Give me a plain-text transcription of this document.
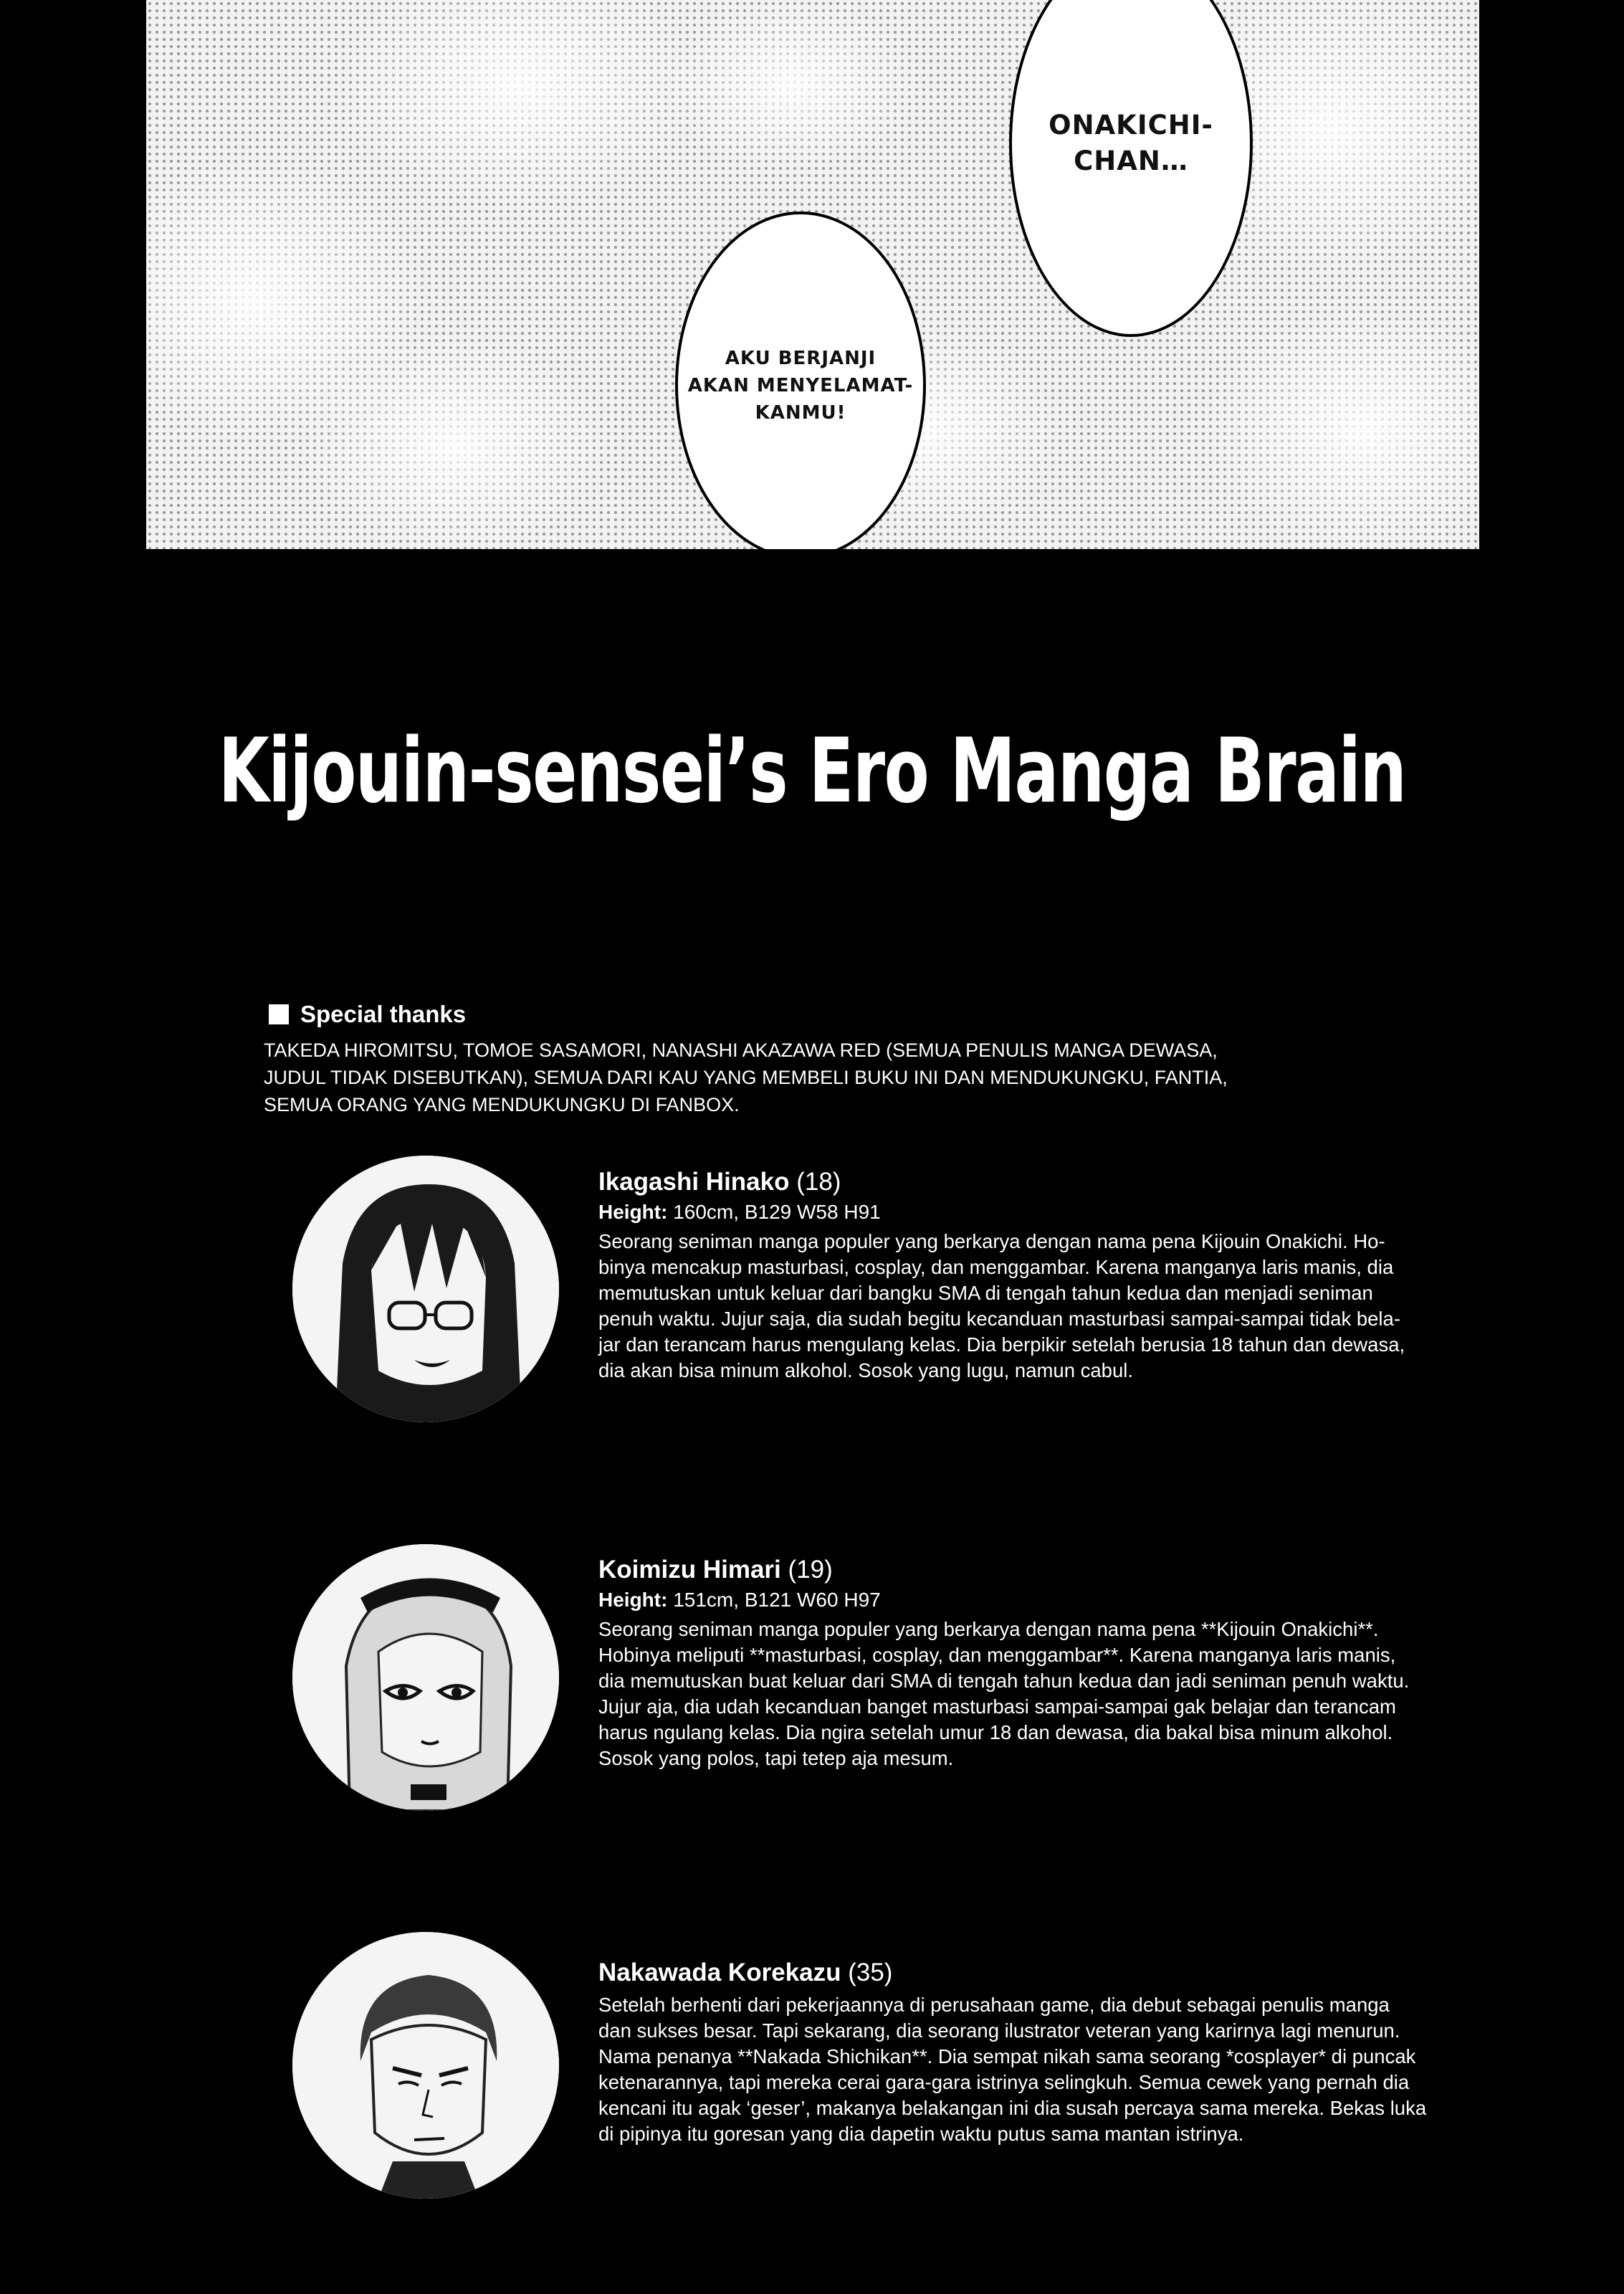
ONAKICHI-
CHAN…
AKU BERJANJI
AKAN MENYELAMAT-
KANMU!
Kijouin-sensei’s Ero Manga Brain
Special thanks
TAKEDA HIROMITSU, TOMOE SASAMORI, NANASHI AKAZAWA RED (SEMUA PENULIS MANGA DEWASA,
JUDUL TIDAK DISEBUTKAN), SEMUA DARI KAU YANG MEMBELI BUKU INI DAN MENDUKUNGKU, FANTIA,
SEMUA ORANG YANG MENDUKUNGKU DI FANBOX.
Ikagashi Hinako (18)
Height: 160cm, B129 W58 H91
Seorang seniman manga populer yang berkarya dengan nama pena Kijouin Onakichi. Ho-
binya mencakup masturbasi, cosplay, dan menggambar. Karena manganya laris manis, dia
memutuskan untuk keluar dari bangku SMA di tengah tahun kedua dan menjadi seniman
penuh waktu. Jujur saja, dia sudah begitu kecanduan masturbasi sampai-sampai tidak bela-
jar dan terancam harus mengulang kelas. Dia berpikir setelah berusia 18 tahun dan dewasa,
dia akan bisa minum alkohol. Sosok yang lugu, namun cabul.
Koimizu Himari (19)
Height: 151cm, B121 W60 H97
Seorang seniman manga populer yang berkarya dengan nama pena **Kijouin Onakichi**.
Hobinya meliputi **masturbasi, cosplay, dan menggambar**. Karena manganya laris manis,
dia memutuskan buat keluar dari SMA di tengah tahun kedua dan jadi seniman penuh waktu.
Jujur aja, dia udah kecanduan banget masturbasi sampai-sampai gak belajar dan terancam
harus ngulang kelas. Dia ngira setelah umur 18 dan dewasa, dia bakal bisa minum alkohol.
Sosok yang polos, tapi tetep aja mesum.
Nakawada Korekazu (35)
Setelah berhenti dari pekerjaannya di perusahaan game, dia debut sebagai penulis manga
dan sukses besar. Tapi sekarang, dia seorang ilustrator veteran yang karirnya lagi menurun.
Nama penanya **Nakada Shichikan**. Dia sempat nikah sama seorang *cosplayer* di puncak
ketenarannya, tapi mereka cerai gara-gara istrinya selingkuh. Semua cewek yang pernah dia
kencani itu agak ‘geser’, makanya belakangan ini dia susah percaya sama mereka. Bekas luka
di pipinya itu goresan yang dia dapetin waktu putus sama mantan istrinya.
